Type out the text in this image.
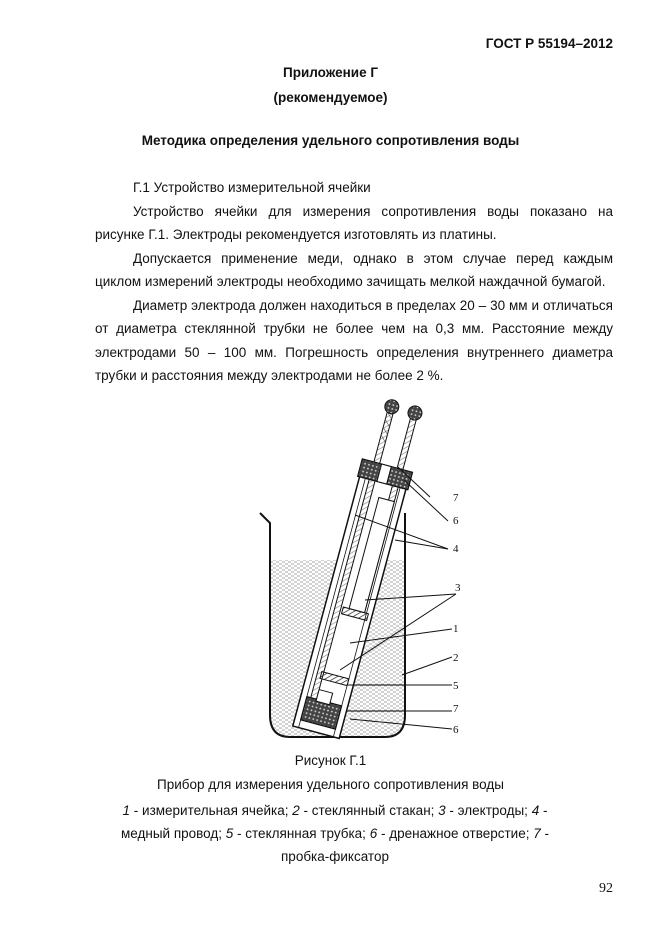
ГОСТ Р 55194–2012
Приложение Г
(рекомендуемое)
Методика определения удельного сопротивления воды

Г.1 Устройство измерительной ячейки

Устройство ячейки для измерения сопротивления воды показано на рисунке Г.1. Электроды рекомендуется изготовлять из платины.

Допускается применение меди, однако в этом случае перед каждым циклом измерений электроды необходимо зачищать мелкой наждачной бумагой.

Диаметр электрода должен находиться в пределах 20 – 30 мм и отличаться от диаметра стеклянной трубки не более чем на 0,3 мм. Расстояние между электродами 50 – 100 мм. Погрешность определения внутреннего диаметра трубки и расстояния между электродами не более 2 %.

7
6
4
3
1
2
5
7
6
Рисунок Г.1
Прибор для измерения удельного сопротивления воды
1 - измерительная ячейка; 2 - стеклянный стакан; 3 - электроды; 4 - медный провод; 5 - стеклянная трубка; 6 - дренажное отверстие; 7 - пробка-фиксатор
92
